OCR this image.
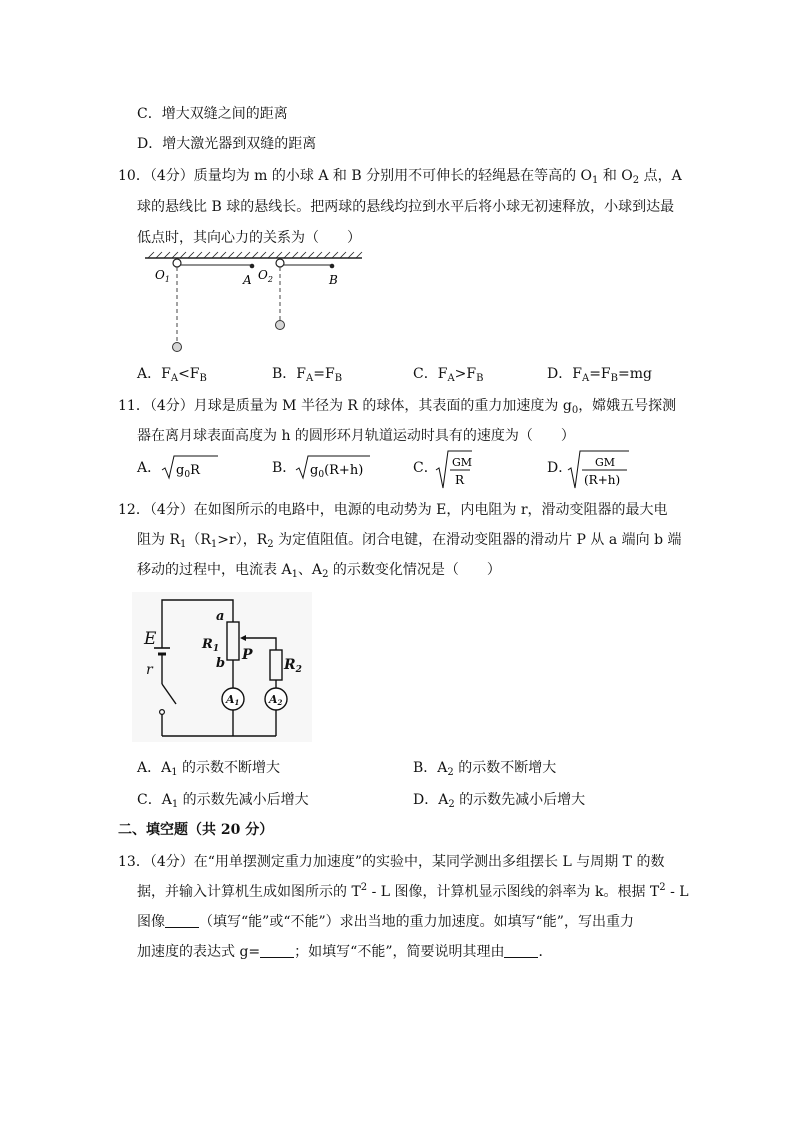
C．增大双缝之间的距离
D．增大激光器到双缝的距离
10．（4分）质量均为 m 的小球 A 和 B 分别用不可伸长的轻绳悬在等高的 $O_1$ 和 $O_2$ 点，A
球的悬线比 B 球的悬线长。把两球的悬线均拉到水平后将小球无初速释放，小球到达最
低点时，其向心力的关系为（　　）
$O_1$	A $O_2$	B
A．$F_A<F_B$	B．$F_A=F_B$	C．$F_A>F_B$	D．$F_A=F_B=mg$
11．（4分）月球是质量为 M 半径为 R 的球体，其表面的重力加速度为 $g_0$，嫦娥五号探测
器在离月球表面高度为 h 的圆形环月轨道运动时具有的速度为（　　）
A． $g_0R$	B． $g_0(R+h)$	C． GM
R
D． GM
(R+h)
12．（4分）在如图所示的电路中，电源的电动势为 E，内电阻为 r，滑动变阻器的最大电
阻为 $R_1(R_1>r)$，$R_2$ 为定值阻值。闭合电键，在滑动变阻器的滑动片 P 从 a 端向 b 端
移动的过程中，电流表 $A_1$、$A_2$ 的示数变化情况是（　　）
E
r
a
$R_1$
b
P
$R_2$
A1	A2
A．$A_1$ 的示数不断增大	B．$A_2$ 的示数不断增大
C．$A_1$ 的示数先减小后增大	D．$A_2$ 的示数先减小后增大
二、填空题（共 20 分）
13．（4分）在“用单摆测定重力加速度”的实验中，某同学测出多组摆长 L 与周期 T 的数
据，并输入计算机生成如图所示的 $T^2$ - L 图像，计算机显示图线的斜率为 k。根据 $T^2$ - L
图像 （填写“能”或“不能”）求出当地的重力加速度。如填写“能”，写出重力
加速度的表达式 g= ；如填写“不能”，简要说明其理由 ．
